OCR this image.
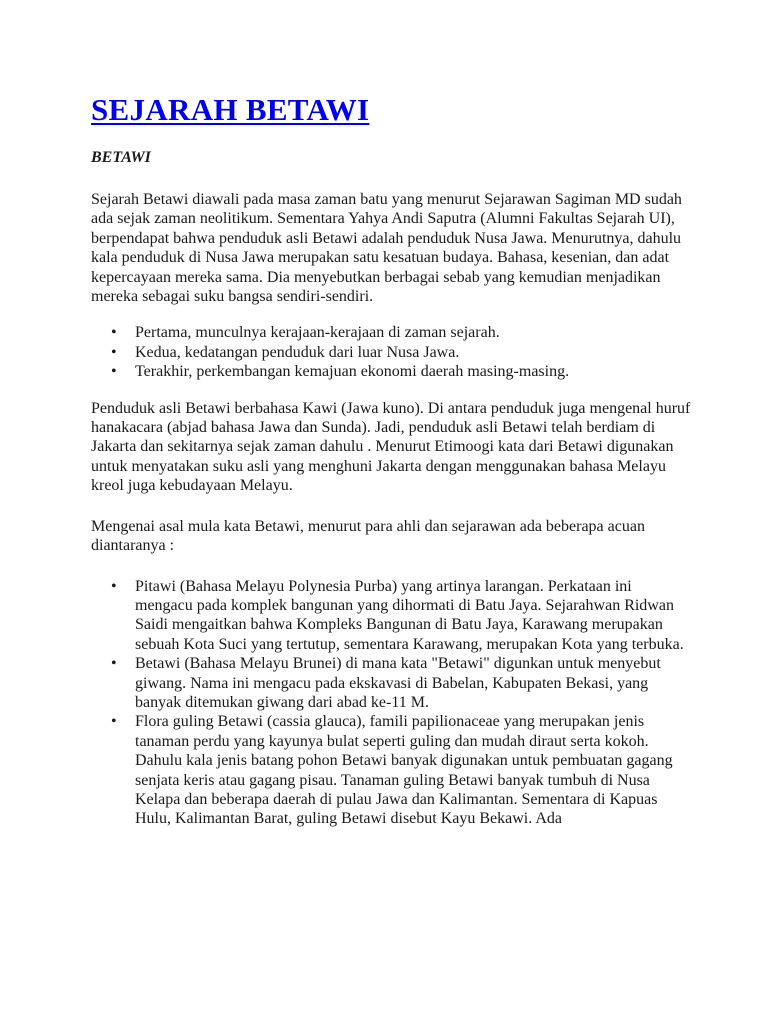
SEJARAH BETAWI
BETAWI

Sejarah Betawi diawali pada masa zaman batu yang menurut Sejarawan Sagiman MD sudah ada sejak zaman neolitikum. Sementara Yahya Andi Saputra (Alumni Fakultas Sejarah UI), berpendapat bahwa penduduk asli Betawi adalah penduduk Nusa Jawa. Menurutnya, dahulu kala penduduk di Nusa Jawa merupakan satu kesatuan budaya. Bahasa, kesenian, dan adat kepercayaan mereka sama. Dia menyebutkan berbagai sebab yang kemudian menjadikan mereka sebagai suku bangsa sendiri-sendiri.

• Pertama, munculnya kerajaan-kerajaan di zaman sejarah.
• Kedua, kedatangan penduduk dari luar Nusa Jawa.
• Terakhir, perkembangan kemajuan ekonomi daerah masing-masing.

Penduduk asli Betawi berbahasa Kawi (Jawa kuno). Di antara penduduk juga mengenal huruf hanakacara (abjad bahasa Jawa dan Sunda). Jadi, penduduk asli Betawi telah berdiam di Jakarta dan sekitarnya sejak zaman dahulu . Menurut Etimoogi kata dari Betawi digunakan untuk menyatakan suku asli yang menghuni Jakarta dengan menggunakan bahasa Melayu kreol juga kebudayaan Melayu.

Mengenai asal mula kata Betawi, menurut para ahli dan sejarawan ada beberapa acuan diantaranya :

• Pitawi (Bahasa Melayu Polynesia Purba) yang artinya larangan. Perkataan ini mengacu pada komplek bangunan yang dihormati di Batu Jaya. Sejarahwan Ridwan Saidi mengaitkan bahwa Kompleks Bangunan di Batu Jaya, Karawang merupakan sebuah Kota Suci yang tertutup, sementara Karawang, merupakan Kota yang terbuka.
• Betawi (Bahasa Melayu Brunei) di mana kata "Betawi" digunkan untuk menyebut giwang. Nama ini mengacu pada ekskavasi di Babelan, Kabupaten Bekasi, yang banyak ditemukan giwang dari abad ke-11 M.
• Flora guling Betawi (cassia glauca), famili papilionaceae yang merupakan jenis tanaman perdu yang kayunya bulat seperti guling dan mudah diraut serta kokoh. Dahulu kala jenis batang pohon Betawi banyak digunakan untuk pembuatan gagang senjata keris atau gagang pisau. Tanaman guling Betawi banyak tumbuh di Nusa Kelapa dan beberapa daerah di pulau Jawa dan Kalimantan. Sementara di Kapuas Hulu, Kalimantan Barat, guling Betawi disebut Kayu Bekawi. Ada
